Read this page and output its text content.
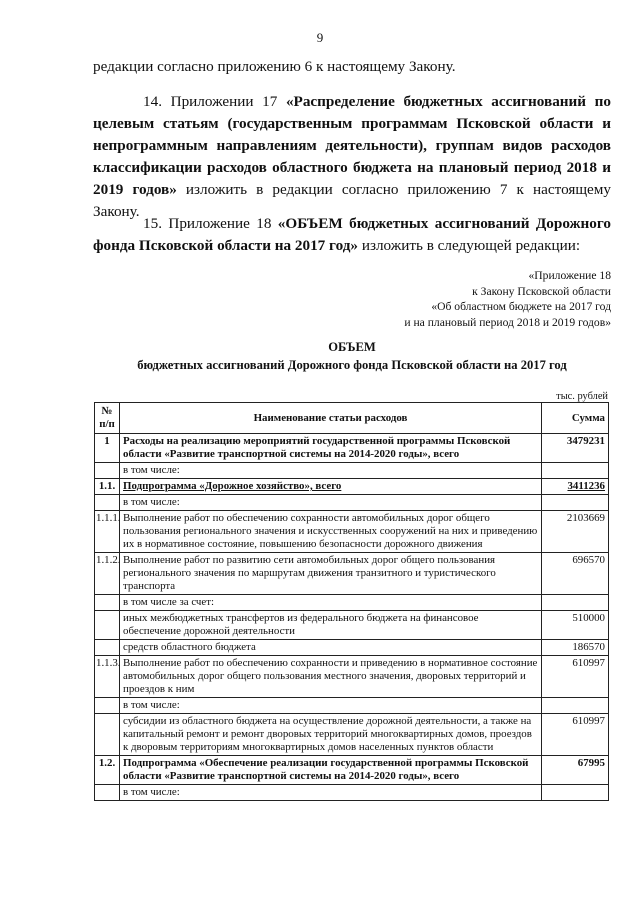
9

редакции согласно приложению 6 к настоящему Закону.

14. Приложении 17 «Распределение бюджетных ассигнований по целевым статьям (государственным программам Псковской области и непрограммным направлениям деятельности), группам видов расходов классификации расходов областного бюджета на плановый период 2018 и 2019 годов» изложить в редакции согласно приложению 7 к настоящему Закону.

15. Приложение 18 «ОБЪЕМ бюджетных ассигнований Дорожного фонда Псковской области на 2017 год» изложить в следующей редакции:

«Приложение 18
к Закону Псковской области
«Об областном бюджете на 2017 год
и на плановый период 2018 и 2019 годов»
ОБЪЕМ
бюджетных ассигнований Дорожного фонда Псковской области на 2017 год
тыс. рублей
№ п/п	Наименование статьи расходов	Сумма
1	Расходы на реализацию мероприятий государственной программы Псковской области «Развитие транспортной системы на 2014-2020 годы», всего	3479231
	в том числе:	
1.1.	Подпрограмма «Дорожное хозяйство», всего	3411236
	в том числе:	
1.1.1.	Выполнение работ по обеспечению сохранности автомобильных дорог общего пользования регионального значения и искусственных сооружений на них и приведению их в нормативное состояние, повышению безопасности дорожного движения	2103669
1.1.2.	Выполнение работ по развитию сети автомобильных дорог общего пользования регионального значения по маршрутам движения транзитного и туристического транспорта	696570
	в том числе за счет:	
	иных межбюджетных трансфертов из федерального бюджета на финансовое обеспечение дорожной деятельности	510000
	средств областного бюджета	186570
1.1.3.	Выполнение работ по обеспечению сохранности и приведению в нормативное состояние автомобильных дорог общего пользования местного значения, дворовых территорий и проездов к ним	610997
	в том числе:	
	субсидии из областного бюджета на осуществление дорожной деятельности, а также на капитальный ремонт и ремонт дворовых территорий многоквартирных домов, проездов к дворовым территориям многоквартирных домов населенных пунктов области	610997
1.2.	Подпрограмма «Обеспечение реализации государственной программы Псковской области «Развитие транспортной системы на 2014-2020 годы», всего	67995
	в том числе:	
